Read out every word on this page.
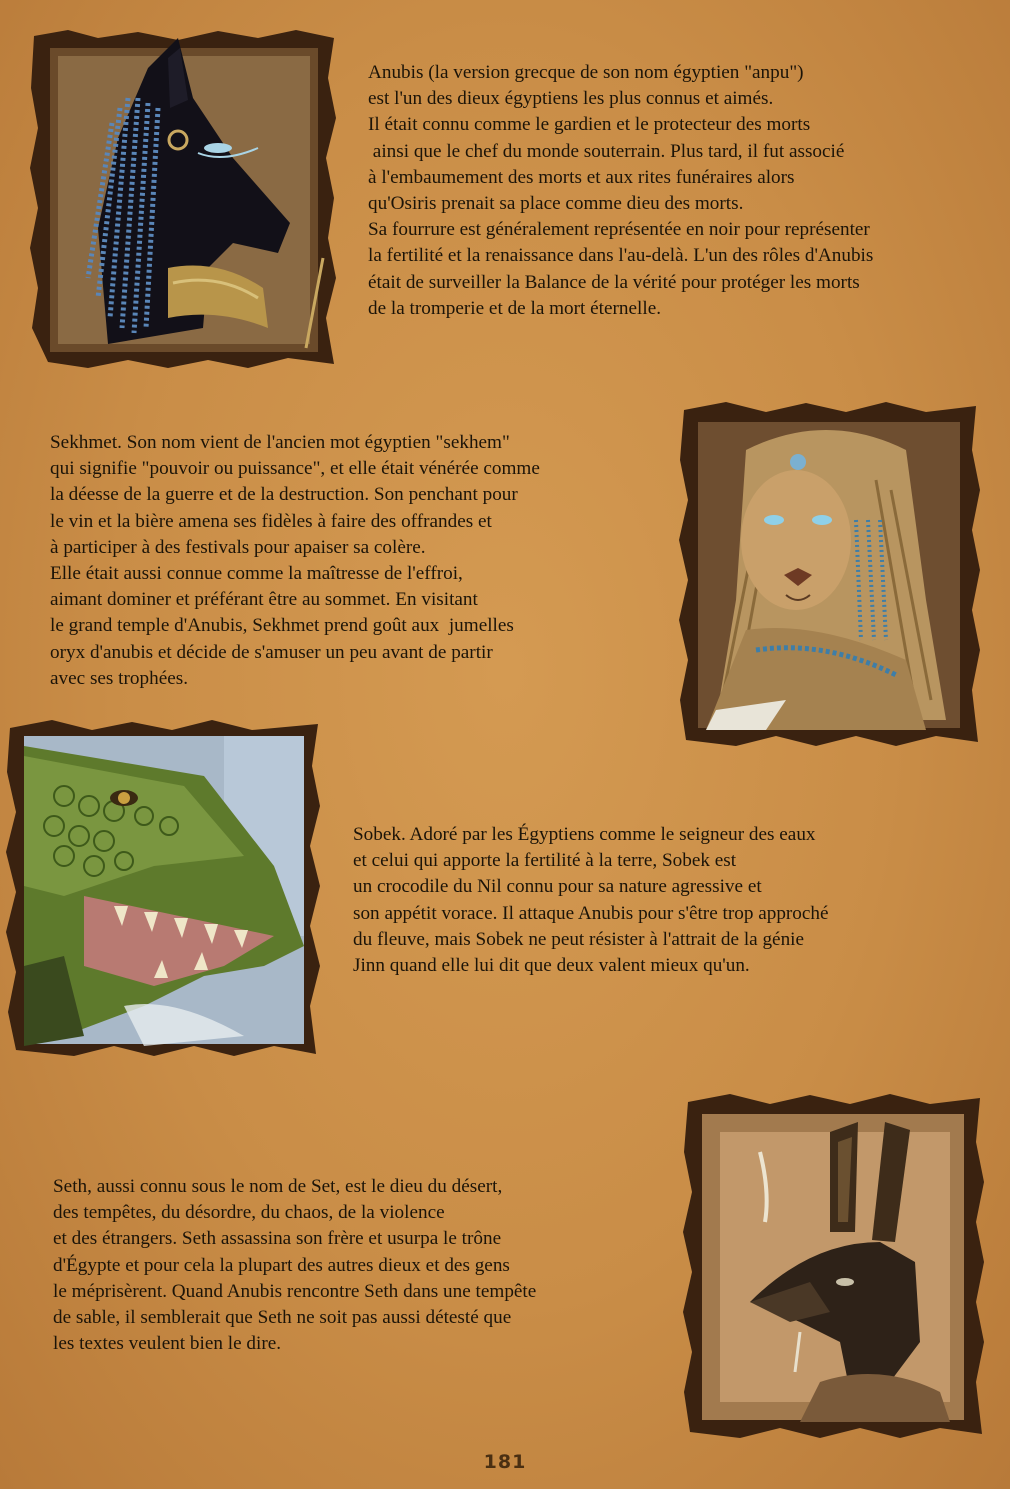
Anubis (la version grecque de son nom égyptien "anpu")
est l'un des dieux égyptiens les plus connus et aimés.
Il était connu comme le gardien et le protecteur des morts
ainsi que le chef du monde souterrain. Plus tard, il fut associé
à l'embaumement des morts et aux rites funéraires alors
qu'Osiris prenait sa place comme dieu des morts.
Sa fourrure est généralement représentée en noir pour représenter
la fertilité et la renaissance dans l'au-delà. L'un des rôles d'Anubis
était de surveiller la Balance de la vérité pour protéger les morts
de la tromperie et de la mort éternelle.
Sekhmet. Son nom vient de l'ancien mot égyptien "sekhem"
qui signifie "pouvoir ou puissance", et elle était vénérée comme
la déesse de la guerre et de la destruction. Son penchant pour
le vin et la bière amena ses fidèles à faire des offrandes et
à participer à des festivals pour apaiser sa colère.
Elle était aussi connue comme la maîtresse de l'effroi,
aimant dominer et préférant être au sommet. En visitant
le grand temple d'Anubis, Sekhmet prend goût aux  jumelles
oryx d'anubis et décide de s'amuser un peu avant de partir
avec ses trophées.
Sobek. Adoré par les Égyptiens comme le seigneur des eaux
et celui qui apporte la fertilité à la terre, Sobek est
un crocodile du Nil connu pour sa nature agressive et
son appétit vorace. Il attaque Anubis pour s'être trop approché
du fleuve, mais Sobek ne peut résister à l'attrait de la génie
Jinn quand elle lui dit que deux valent mieux qu'un.
Seth, aussi connu sous le nom de Set, est le dieu du désert,
des tempêtes, du désordre, du chaos, de la violence
et des étrangers. Seth assassina son frère et usurpa le trône
d'Égypte et pour cela la plupart des autres dieux et des gens
le méprisèrent. Quand Anubis rencontre Seth dans une tempête
de sable, il semblerait que Seth ne soit pas aussi détesté que
les textes veulent bien le dire.
181
